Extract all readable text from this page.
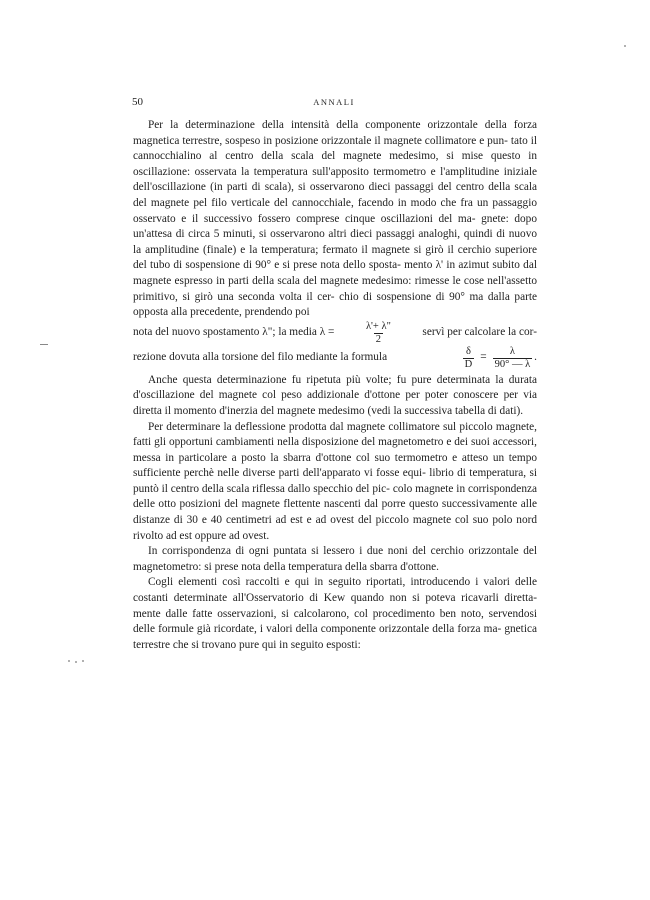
50	ANNALI

Per la determinazione della intensità della componente orizzontale della forza magnetica terrestre, sospeso in posizione orizzontale il magnete collimatore e pun- tato il cannocchialino al centro della scala del magnete medesimo, si mise questo in oscillazione: osservata la temperatura sull'apposito termometro e l'amplitudine iniziale dell'oscillazione (in parti di scala), si osservarono dieci passaggi del centro della scala del magnete pel filo verticale del cannocchiale, facendo in modo che fra un passaggio osservato e il successivo fossero comprese cinque oscillazioni del ma- gnete: dopo un'attesa di circa 5 minuti, si osservarono altri dieci passaggi analoghi, quindi di nuovo la amplitudine (finale) e la temperatura; fermato il magnete si girò il cerchio superiore del tubo di sospensione di 90° e si prese nota dello sposta- mento λ' in azimut subito dal magnete espresso in parti della scala del magnete medesimo: rimesse le cose nell'assetto primitivo, si girò una seconda volta il cer- chio di sospensione di 90° ma dalla parte opposta alla precedente, prendendo poi

nota del nuovo spostamento λ"; la media λ =	$\frac{\lambda'+ \lambda"}{2}$	servì per calcolare la cor-
rezione dovuta alla torsione del filo mediante la formula	$\frac{\delta}{D} = \frac{\lambda}{90^\circ — \lambda}$ .

Anche questa determinazione fu ripetuta più volte; fu pure determinata la durata d'oscillazione del magnete col peso addizionale d'ottone per poter conoscere per via diretta il momento d'inerzia del magnete medesimo (vedi la successiva tabella di dati).

Per determinare la deflessione prodotta dal magnete collimatore sul piccolo magnete, fatti gli opportuni cambiamenti nella disposizione del magnetometro e dei suoi accessori, messa in particolare a posto la sbarra d'ottone col suo termometro e atteso un tempo sufficiente perchè nelle diverse parti dell'apparato vi fosse equi- librio di temperatura, si puntò il centro della scala riflessa dallo specchio del pic- colo magnete in corrispondenza delle otto posizioni del magnete flettente nascenti dal porre questo successivamente alle distanze di 30 e 40 centimetri ad est e ad ovest del piccolo magnete col suo polo nord rivolto ad est oppure ad ovest.

In corrispondenza di ogni puntata si lessero i due noni del cerchio orizzontale del magnetometro: si prese nota della temperatura della sbarra d'ottone.

Cogli elementi così raccolti e qui in seguito riportati, introducendo i valori delle costanti determinate all'Osservatorio di Kew quando non si poteva ricavarli diretta- mente dalle fatte osservazioni, si calcolarono, col procedimento ben noto, servendosi delle formule già ricordate, i valori della componente orizzontale della forza ma- gnetica terrestre che si trovano pure qui in seguito esposti:
